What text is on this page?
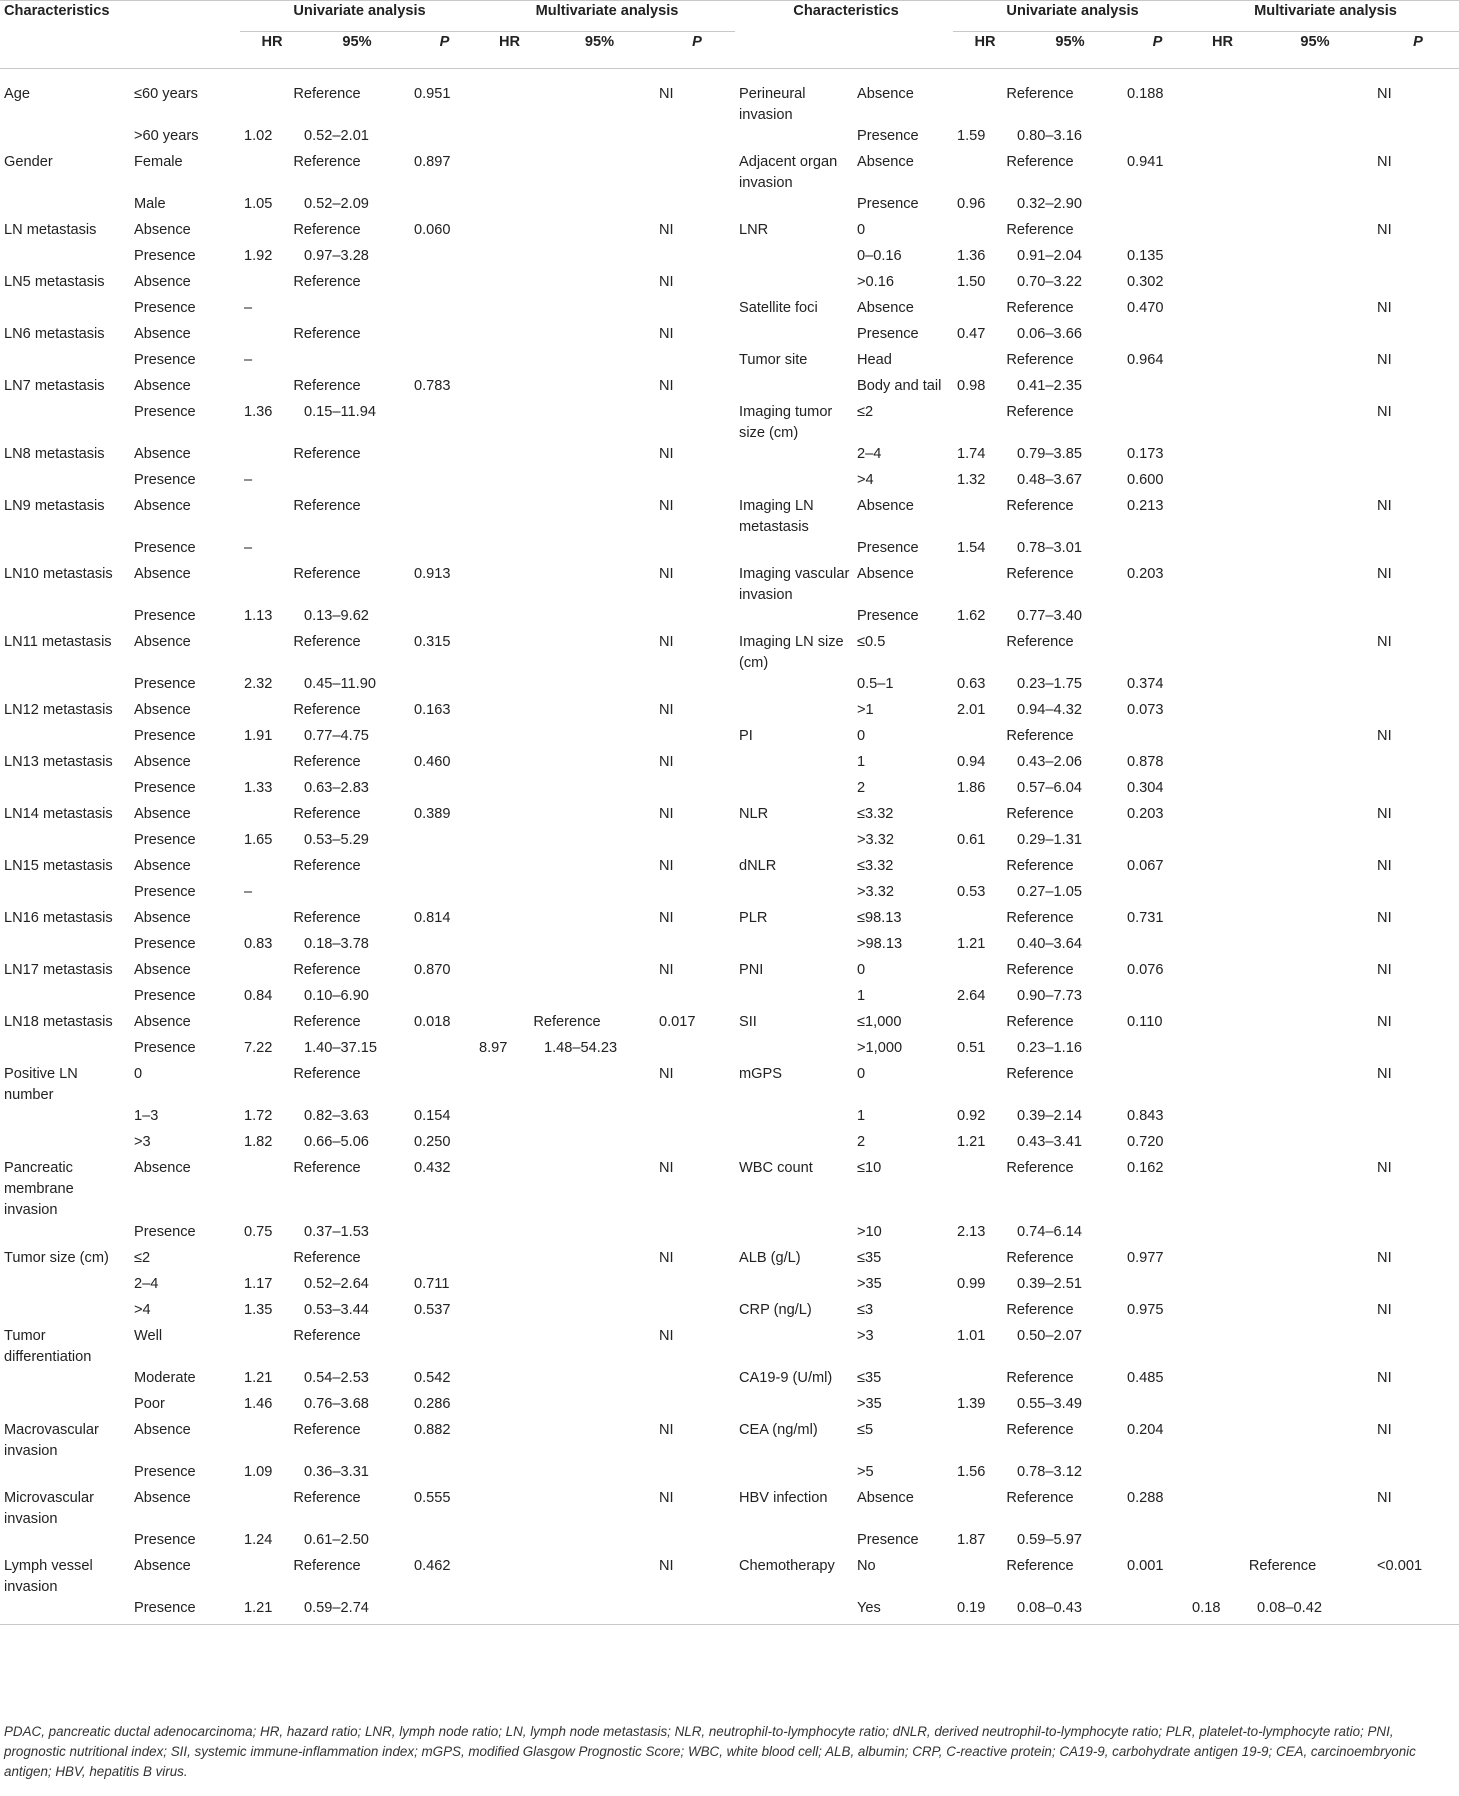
Characteristics		Univariate analysis			Multivariate analysis			Characteristics		Univariate analysis			Multivariate analysis		
		HR	95%	P	HR	95%	P			HR	95%	P	HR	95%	P

Age	≤60 years	Reference		0.951			NI	Perineural invasion	Absence	Reference		0.188			NI
	>60 years	1.02	0.52–2.01						Presence	1.59	0.80–3.16				
Gender	Female	Reference		0.897				Adjacent organ invasion	Absence	Reference		0.941			NI
	Male	1.05	0.52–2.09						Presence	0.96	0.32–2.90				
LN metastasis	Absence	Reference		0.060			NI	LNR	0	Reference					NI
	Presence	1.92	0.97–3.28						0–0.16	1.36	0.91–2.04	0.135			
LN5 metastasis	Absence	Reference					NI		>0.16	1.50	0.70–3.22	0.302			
	Presence	–						Satellite foci	Absence	Reference		0.470			NI
LN6 metastasis	Absence	Reference					NI		Presence	0.47	0.06–3.66				
	Presence	–						Tumor site	Head	Reference		0.964			NI
LN7 metastasis	Absence	Reference		0.783			NI		Body and tail	0.98	0.41–2.35				
	Presence	1.36	0.15–11.94					Imaging tumor size (cm)	≤2	Reference					NI
LN8 metastasis	Absence	Reference					NI		2–4	1.74	0.79–3.85	0.173			
	Presence	–							>4	1.32	0.48–3.67	0.600			
LN9 metastasis	Absence	Reference					NI	Imaging LN metastasis	Absence	Reference		0.213			NI
	Presence	–							Presence	1.54	0.78–3.01				
LN10 metastasis	Absence	Reference		0.913			NI	Imaging vascular invasion	Absence	Reference		0.203			NI
	Presence	1.13	0.13–9.62						Presence	1.62	0.77–3.40				
LN11 metastasis	Absence	Reference		0.315			NI	Imaging LN size (cm)	≤0.5	Reference					NI
	Presence	2.32	0.45–11.90						0.5–1	0.63	0.23–1.75	0.374			
LN12 metastasis	Absence	Reference		0.163			NI		>1	2.01	0.94–4.32	0.073			
	Presence	1.91	0.77–4.75					PI	0	Reference					NI
LN13 metastasis	Absence	Reference		0.460			NI		1	0.94	0.43–2.06	0.878			
	Presence	1.33	0.63–2.83						2	1.86	0.57–6.04	0.304			
LN14 metastasis	Absence	Reference		0.389			NI	NLR	≤3.32	Reference		0.203			NI
	Presence	1.65	0.53–5.29						>3.32	0.61	0.29–1.31				
LN15 metastasis	Absence	Reference					NI	dNLR	≤3.32	Reference		0.067			NI
	Presence	–							>3.32	0.53	0.27–1.05				
LN16 metastasis	Absence	Reference		0.814			NI	PLR	≤98.13	Reference		0.731			NI
	Presence	0.83	0.18–3.78						>98.13	1.21	0.40–3.64				
LN17 metastasis	Absence	Reference		0.870			NI	PNI	0	Reference		0.076			NI
	Presence	0.84	0.10–6.90						1	2.64	0.90–7.73				
LN18 metastasis	Absence	Reference		0.018	Reference		0.017	SII	≤1,000	Reference		0.110			NI
	Presence	7.22	1.40–37.15		8.97	1.48–54.23			>1,000	0.51	0.23–1.16				
Positive LN number	0	Reference					NI	mGPS	0	Reference					NI
	1–3	1.72	0.82–3.63	0.154					1	0.92	0.39–2.14	0.843			
	>3	1.82	0.66–5.06	0.250					2	1.21	0.43–3.41	0.720			
Pancreatic membrane invasion	Absence	Reference		0.432			NI	WBC count	≤10	Reference		0.162			NI
	Presence	0.75	0.37–1.53						>10	2.13	0.74–6.14				
Tumor size (cm)	≤2	Reference					NI	ALB (g/L)	≤35	Reference		0.977			NI
	2–4	1.17	0.52–2.64	0.711					>35	0.99	0.39–2.51				
	>4	1.35	0.53–3.44	0.537				CRP (ng/L)	≤3	Reference		0.975			NI
Tumor differentiation	Well	Reference					NI		>3	1.01	0.50–2.07				
	Moderate	1.21	0.54–2.53	0.542				CA19-9 (U/ml)	≤35	Reference		0.485			NI
	Poor	1.46	0.76–3.68	0.286					>35	1.39	0.55–3.49				
Macrovascular invasion	Absence	Reference		0.882			NI	CEA (ng/ml)	≤5	Reference		0.204			NI
	Presence	1.09	0.36–3.31						>5	1.56	0.78–3.12				
Microvascular invasion	Absence	Reference		0.555			NI	HBV infection	Absence	Reference		0.288			NI
	Presence	1.24	0.61–2.50						Presence	1.87	0.59–5.97				
Lymph vessel invasion	Absence	Reference		0.462			NI	Chemotherapy	No	Reference		0.001	Reference		<0.001
	Presence	1.21	0.59–2.74						Yes	0.19	0.08–0.43		0.18	0.08–0.42	
PDAC, pancreatic ductal adenocarcinoma; HR, hazard ratio; LNR, lymph node ratio; LN, lymph node metastasis; NLR, neutrophil-to-lymphocyte ratio; dNLR, derived neutrophil-to-lymphocyte ratio; PLR, platelet-to-lymphocyte ratio; PNI, prognostic nutritional index; SII, systemic immune-inflammation index; mGPS, modified Glasgow Prognostic Score; WBC, white blood cell; ALB, albumin; CRP, C-reactive protein; CA19-9, carbohydrate antigen 19-9; CEA, carcinoembryonic antigen; HBV, hepatitis B virus.
